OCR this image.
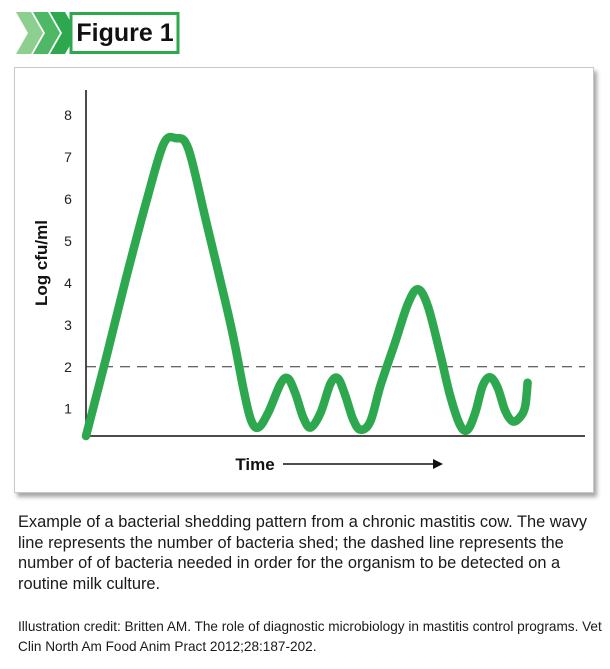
Figure 1
1
2
3
4
5
6
7
8
Log cfu/ml
Time

Example of a bacterial shedding pattern from a chronic mastitis cow. The wavy line represents the number of bacteria shed; the dashed line represents the number of of bacteria needed in order for the organism to be detected on a routine milk culture.

Illustration credit: Britten AM. The role of diagnostic microbiology in mastitis control programs. Vet Clin North Am Food Anim Pract 2012;28:187-202.
